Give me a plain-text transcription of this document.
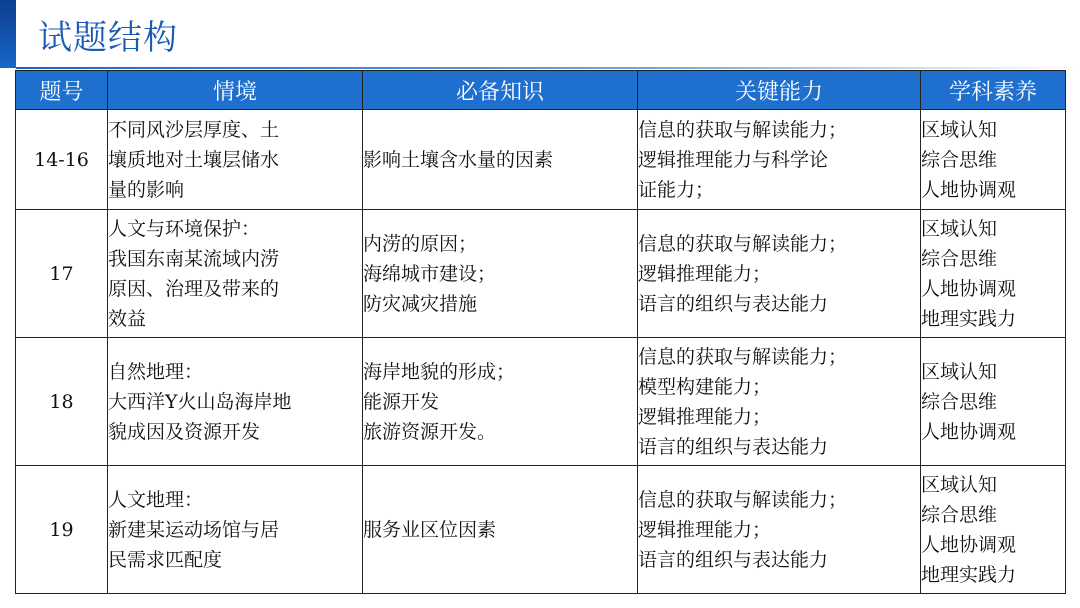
试题结构
题号	情境	必备知识	关键能力	学科素养
14-16	不同风沙层厚度、土
壤质地对土壤层储水
量的影响	影响土壤含水量的因素	信息的获取与解读能力；
逻辑推理能力与科学论
证能力；	区域认知
综合思维
人地协调观

17	人文与环境保护：
我国东南某流域内涝
原因、治理及带来的
效益	内涝的原因；
海绵城市建设；
防灾减灾措施	信息的获取与解读能力；
逻辑推理能力；
语言的组织与表达能力	区域认知
综合思维
人地协调观
地理实践力

18	自然地理：
大西洋Y火山岛海岸地
貌成因及资源开发	海岸地貌的形成；
能源开发
旅游资源开发。	信息的获取与解读能力；
模型构建能力；
逻辑推理能力；
语言的组织与表达能力	区域认知
综合思维
人地协调观

19	人文地理：
新建某运动场馆与居
民需求匹配度	服务业区位因素	信息的获取与解读能力；
逻辑推理能力；
语言的组织与表达能力	区域认知
综合思维
人地协调观
地理实践力
